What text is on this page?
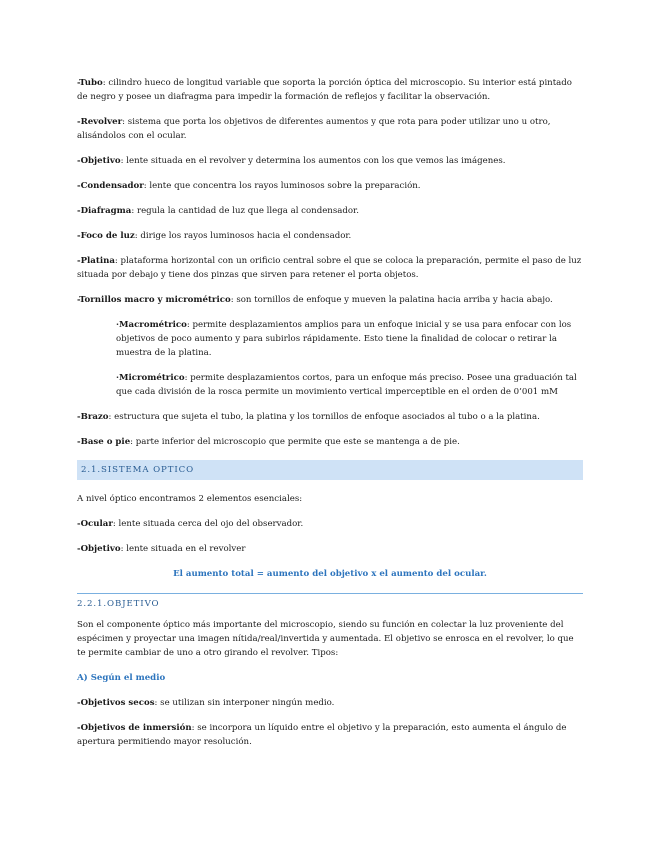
-Tubo: cilindro hueco de longitud variable que soporta la porción óptica del microscopio. Su interior está pintado de negro y posee un diafragma para impedir la formación de reflejos y facilitar la observación.

-Revolver: sistema que porta los objetivos de diferentes aumentos y que rota para poder utilizar uno u otro, alisándolos con el ocular.

-Objetivo: lente situada en el revolver y determina los aumentos con los que vemos las imágenes.

-Condensador: lente que concentra los rayos luminosos sobre la preparación.

-Diafragma: regula la cantidad de luz que llega al condensador.

-Foco de luz: dirige los rayos luminosos hacia el condensador.

-Platina: plataforma horizontal con un orificio central sobre el que se coloca la preparación, permite el paso de luz situada por debajo y tiene dos pinzas que sirven para retener el porta objetos.

-Tornillos macro y micrométrico: son tornillos de enfoque y mueven la palatina hacia arriba y hacia abajo.

·Macrométrico: permite desplazamientos amplios para un enfoque inicial y se usa para enfocar con los objetivos de poco aumento y para subirlos rápidamente. Esto tiene la finalidad de colocar o retirar la muestra de la platina.

·Micrométrico: permite desplazamientos cortos, para un enfoque más preciso. Posee una graduación tal que cada división de la rosca permite un movimiento vertical imperceptible en el orden de 0’001 mM

-Brazo: estructura que sujeta el tubo, la platina y los tornillos de enfoque asociados al tubo o a la platina.

-Base o pie: parte inferior del microscopio que permite que este se mantenga a de pie.

2.1.SISTEMA OPTICO

A nivel óptico encontramos 2 elementos esenciales:

-Ocular: lente situada cerca del ojo del observador.

-Objetivo: lente situada en el revolver

El aumento total = aumento del objetivo x el aumento del ocular.

2.2.1.OBJETIVO

Son el componente óptico más importante del microscopio, siendo su función en colectar la luz proveniente del espécimen y proyectar una imagen nítida/real/invertida y aumentada. El objetivo se enrosca en el revolver, lo que te permite cambiar de uno a otro girando el revolver. Tipos:

A) Según el medio

-Objetivos secos: se utilizan sin interponer ningún medio.

-Objetivos de inmersión: se incorpora un líquido entre el objetivo y la preparación, esto aumenta el ángulo de apertura permitiendo mayor resolución.
